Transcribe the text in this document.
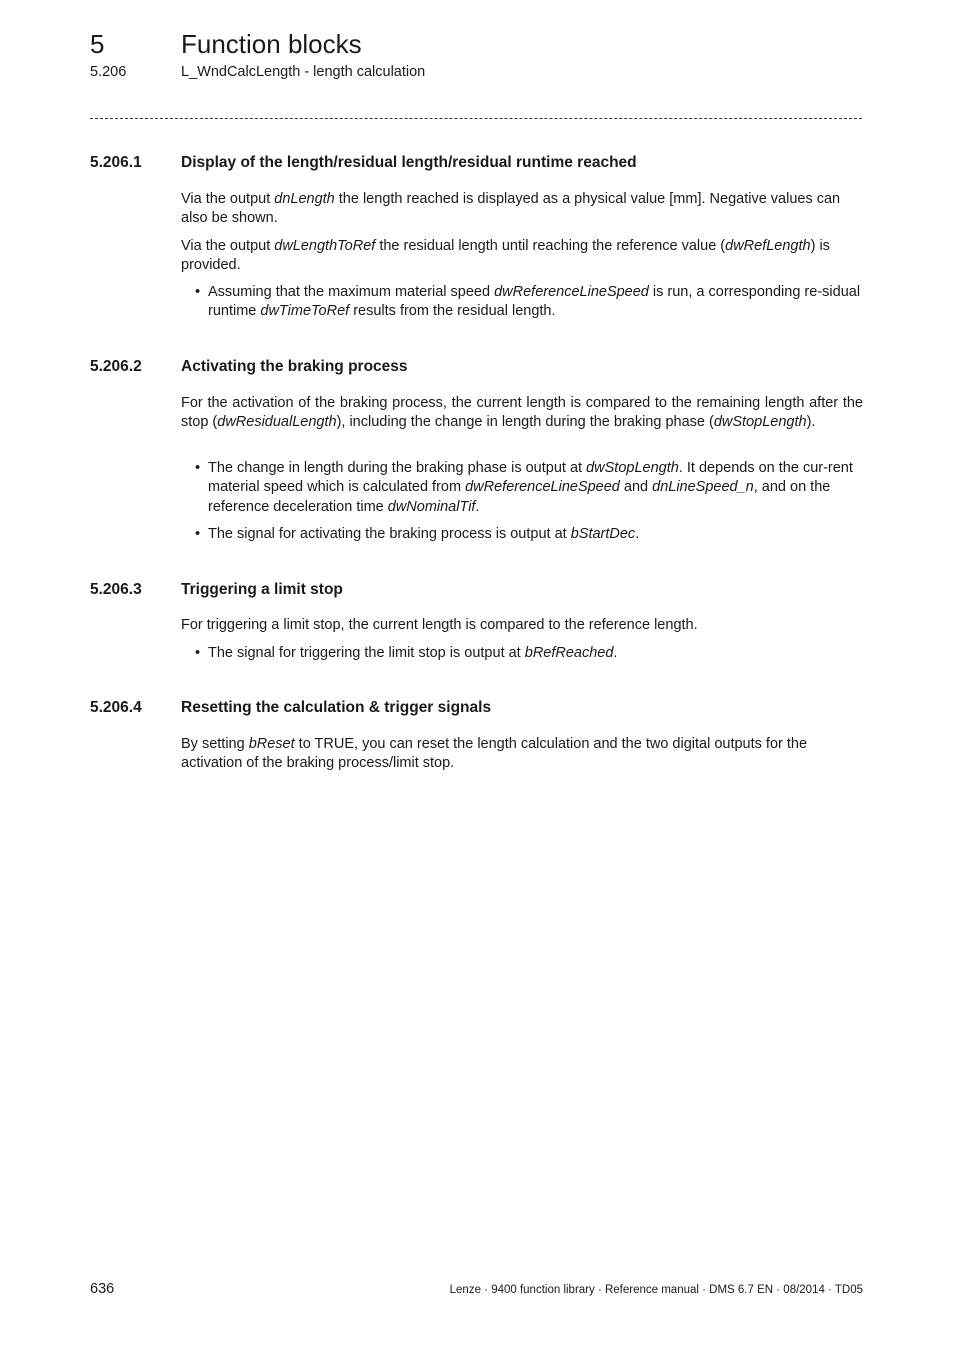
5	Function blocks
5.206	L_WndCalcLength - length calculation
5.206.1	Display of the length/residual length/residual runtime reached

Via the output dnLength the length reached is displayed as a physical value [mm]. Negative values can also be shown.

Via the output dwLengthToRef the residual length until reaching the reference value (dwRefLength) is provided.

• Assuming that the maximum material speed dwReferenceLineSpeed is run, a corresponding re-sidual runtime dwTimeToRef results from the residual length.

5.206.2	Activating the braking process

For the activation of the braking process, the current length is compared to the remaining length after the stop (dwResidualLength), including the change in length during the braking phase (dwStopLength).

• The change in length during the braking phase is output at dwStopLength. It depends on the cur-rent material speed which is calculated from dwReferenceLineSpeed and dnLineSpeed_n, and on the reference deceleration time dwNominalTif.

• The signal for activating the braking process is output at bStartDec.

5.206.3	Triggering a limit stop

For triggering a limit stop, the current length is compared to the reference length.

• The signal for triggering the limit stop is output at bRefReached.

5.206.4	Resetting the calculation & trigger signals

By setting bReset to TRUE, you can reset the length calculation and the two digital outputs for the activation of the braking process/limit stop.

636	Lenze · 9400 function library · Reference manual · DMS 6.7 EN · 08/2014 · TD05
